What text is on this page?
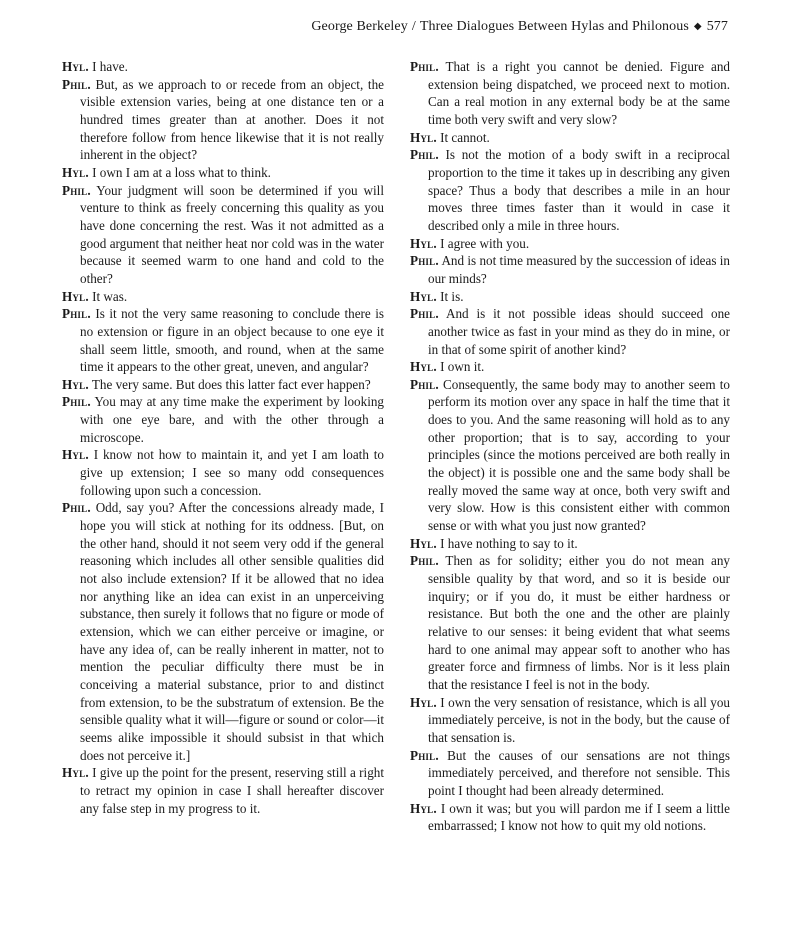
George Berkeley / Three Dialogues Between Hylas and Philonous ◆ 577

Hyl . I have.

Phil . But, as we approach to or recede from an object, the visible extension varies, being at one distance ten or a hundred times greater than at another. Does it not therefore follow from hence likewise that it is not really inherent in the object?

Hyl . I own I am at a loss what to think.

Phil . Your judgment will soon be determined if you will venture to think as freely concerning this quality as you have done concerning the rest. Was it not admitted as a good argument that neither heat nor cold was in the water because it seemed warm to one hand and cold to the other?

Hyl . It was.

Phil . Is it not the very same reasoning to conclude there is no extension or figure in an object because to one eye it shall seem little, smooth, and round, when at the same time it appears to the other great, uneven, and angular?

Hyl . The very same. But does this latter fact ever happen?

Phil . You may at any time make the experiment by looking with one eye bare, and with the other through a microscope.

Hyl . I know not how to maintain it, and yet I am loath to give up extension; I see so many odd consequences following upon such a concession.

Phil . Odd, say you? After the concessions already made, I hope you will stick at nothing for its oddness. [But, on the other hand, should it not seem very odd if the general reasoning which includes all other sensible qualities did not also include extension? If it be allowed that no idea nor anything like an idea can exist in an unperceiving substance, then surely it follows that no figure or mode of extension, which we can either perceive or imagine, or have any idea of, can be really inherent in matter, not to mention the peculiar difficulty there must be in conceiving a material substance, prior to and distinct from extension, to be the substratum of extension. Be the sensible quality what it will—figure or sound or color—it seems alike impossible it should subsist in that which does not perceive it.]

Hyl . I give up the point for the present, reserving still a right to retract my opinion in case I shall hereafter discover any false step in my progress to it.

Phil . That is a right you cannot be denied. Figure and extension being dispatched, we proceed next to motion. Can a real motion in any external body be at the same time both very swift and very slow?

Hyl . It cannot.

Phil . Is not the motion of a body swift in a reciprocal proportion to the time it takes up in describing any given space? Thus a body that describes a mile in an hour moves three times faster than it would in case it described only a mile in three hours.

Hyl . I agree with you.

Phil . And is not time measured by the succession of ideas in our minds?

Hyl . It is.

Phil . And is it not possible ideas should succeed one another twice as fast in your mind as they do in mine, or in that of some spirit of another kind?

Hyl . I own it.

Phil . Consequently, the same body may to another seem to perform its motion over any space in half the time that it does to you. And the same reasoning will hold as to any other proportion; that is to say, according to your principles (since the motions perceived are both really in the object) it is possible one and the same body shall be really moved the same way at once, both very swift and very slow. How is this consistent either with common sense or with what you just now granted?

Hyl . I have nothing to say to it.

Phil . Then as for solidity; either you do not mean any sensible quality by that word, and so it is beside our inquiry; or if you do, it must be either hardness or resistance. But both the one and the other are plainly relative to our senses: it being evident that what seems hard to one animal may appear soft to another who has greater force and firmness of limbs. Nor is it less plain that the resistance I feel is not in the body.

Hyl . I own the very sensation of resistance, which is all you immediately perceive, is not in the body, but the cause of that sensation is.

Phil . But the causes of our sensations are not things immediately perceived, and therefore not sensible. This point I thought had been already determined.

Hyl . I own it was; but you will pardon me if I seem a little embarrassed; I know not how to quit my old notions.
